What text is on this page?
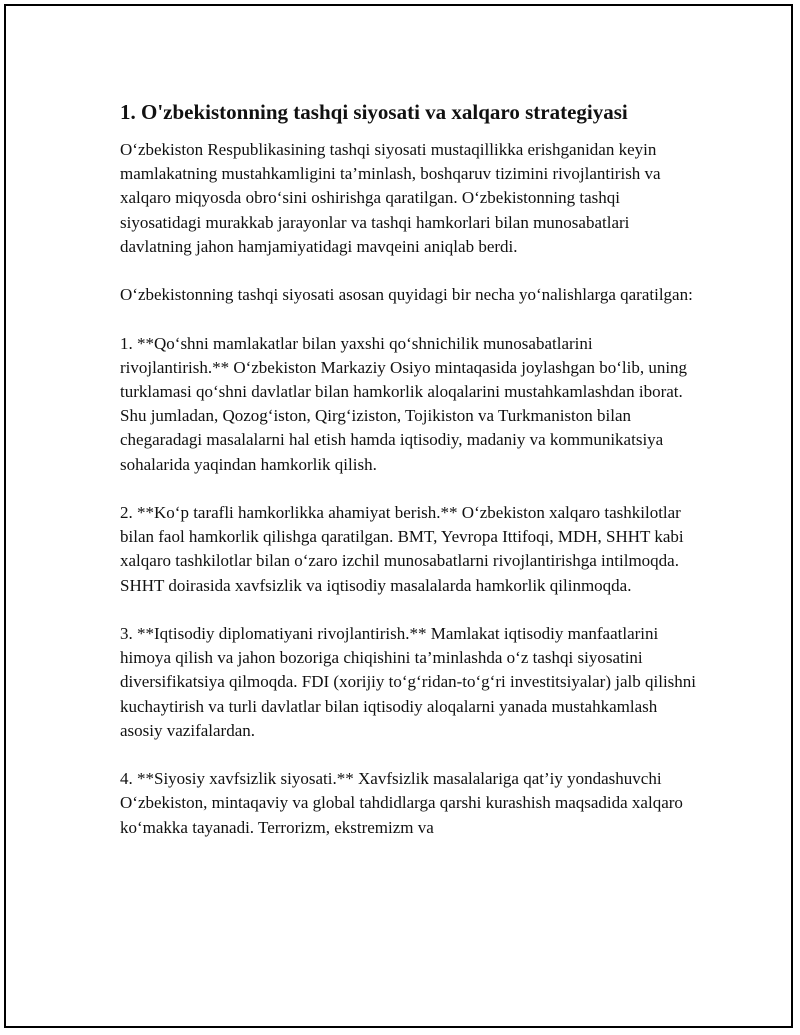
1. O'zbekistonning tashqi siyosati va xalqaro strategiyasi

O‘zbekiston Respublikasining tashqi siyosati mustaqillikka erishganidan keyin mamlakatning mustahkamligini ta’minlash, boshqaruv tizimini rivojlantirish va xalqaro miqyosda obro‘sini oshirishga qaratilgan. O‘zbekistonning tashqi siyosatidagi murakkab jarayonlar va tashqi hamkorlari bilan munosabatlari davlatning jahon hamjamiyatidagi mavqeini aniqlab berdi.

O‘zbekistonning tashqi siyosati asosan quyidagi bir necha yo‘nalishlarga qaratilgan:

1. **Qo‘shni mamlakatlar bilan yaxshi qo‘shnichilik munosabatlarini rivojlantirish.** O‘zbekiston Markaziy Osiyo mintaqasida joylashgan bo‘lib, uning turklamasi qo‘shni davlatlar bilan hamkorlik aloqalarini mustahkamlashdan iborat. Shu jumladan, Qozog‘iston, Qirg‘iziston, Tojikiston va Turkmaniston bilan chegaradagi masalalarni hal etish hamda iqtisodiy, madaniy va kommunikatsiya sohalarida yaqindan hamkorlik qilish.

2. **Ko‘p tarafli hamkorlikka ahamiyat berish.** O‘zbekiston xalqaro tashkilotlar bilan faol hamkorlik qilishga qaratilgan. BMT, Yevropa Ittifoqi, MDH, SHHT kabi xalqaro tashkilotlar bilan o‘zaro izchil munosabatlarni rivojlantirishga intilmoqda. SHHT doirasida xavfsizlik va iqtisodiy masalalarda hamkorlik qilinmoqda.

3. **Iqtisodiy diplomatiyani rivojlantirish.** Mamlakat iqtisodiy manfaatlarini himoya qilish va jahon bozoriga chiqishini ta’minlashda o‘z tashqi siyosatini diversifikatsiya qilmoqda. FDI (xorijiy to‘g‘ridan-to‘g‘ri investitsiyalar) jalb qilishni kuchaytirish va turli davlatlar bilan iqtisodiy aloqalarni yanada mustahkamlash asosiy vazifalardan.

4. **Siyosiy xavfsizlik siyosati.** Xavfsizlik masalalariga qat’iy yondashuvchi O‘zbekiston, mintaqaviy va global tahdidlarga qarshi kurashish maqsadida xalqaro ko‘makka tayanadi. Terrorizm, ekstremizm va
